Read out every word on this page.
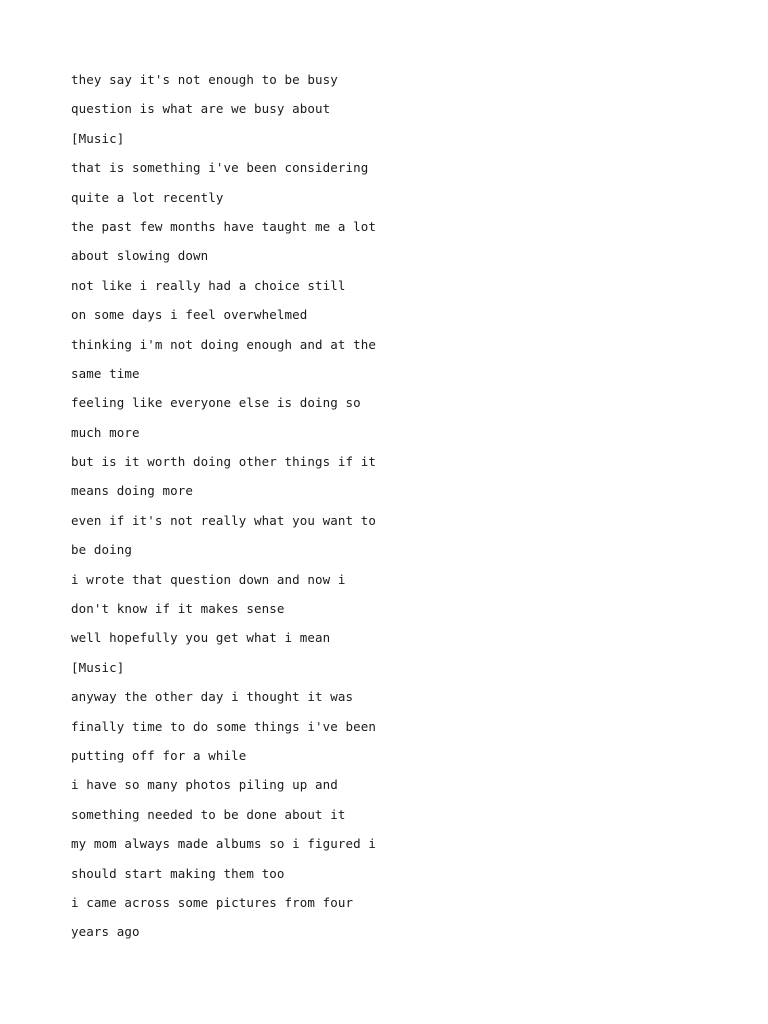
they say it's not enough to be busy
question is what are we busy about
[Music]
that is something i've been considering
quite a lot recently
the past few months have taught me a lot
about slowing down
not like i really had a choice still
on some days i feel overwhelmed
thinking i'm not doing enough and at the
same time
feeling like everyone else is doing so
much more
but is it worth doing other things if it
means doing more
even if it's not really what you want to
be doing
i wrote that question down and now i
don't know if it makes sense
well hopefully you get what i mean
[Music]
anyway the other day i thought it was
finally time to do some things i've been
putting off for a while
i have so many photos piling up and
something needed to be done about it
my mom always made albums so i figured i
should start making them too
i came across some pictures from four
years ago
